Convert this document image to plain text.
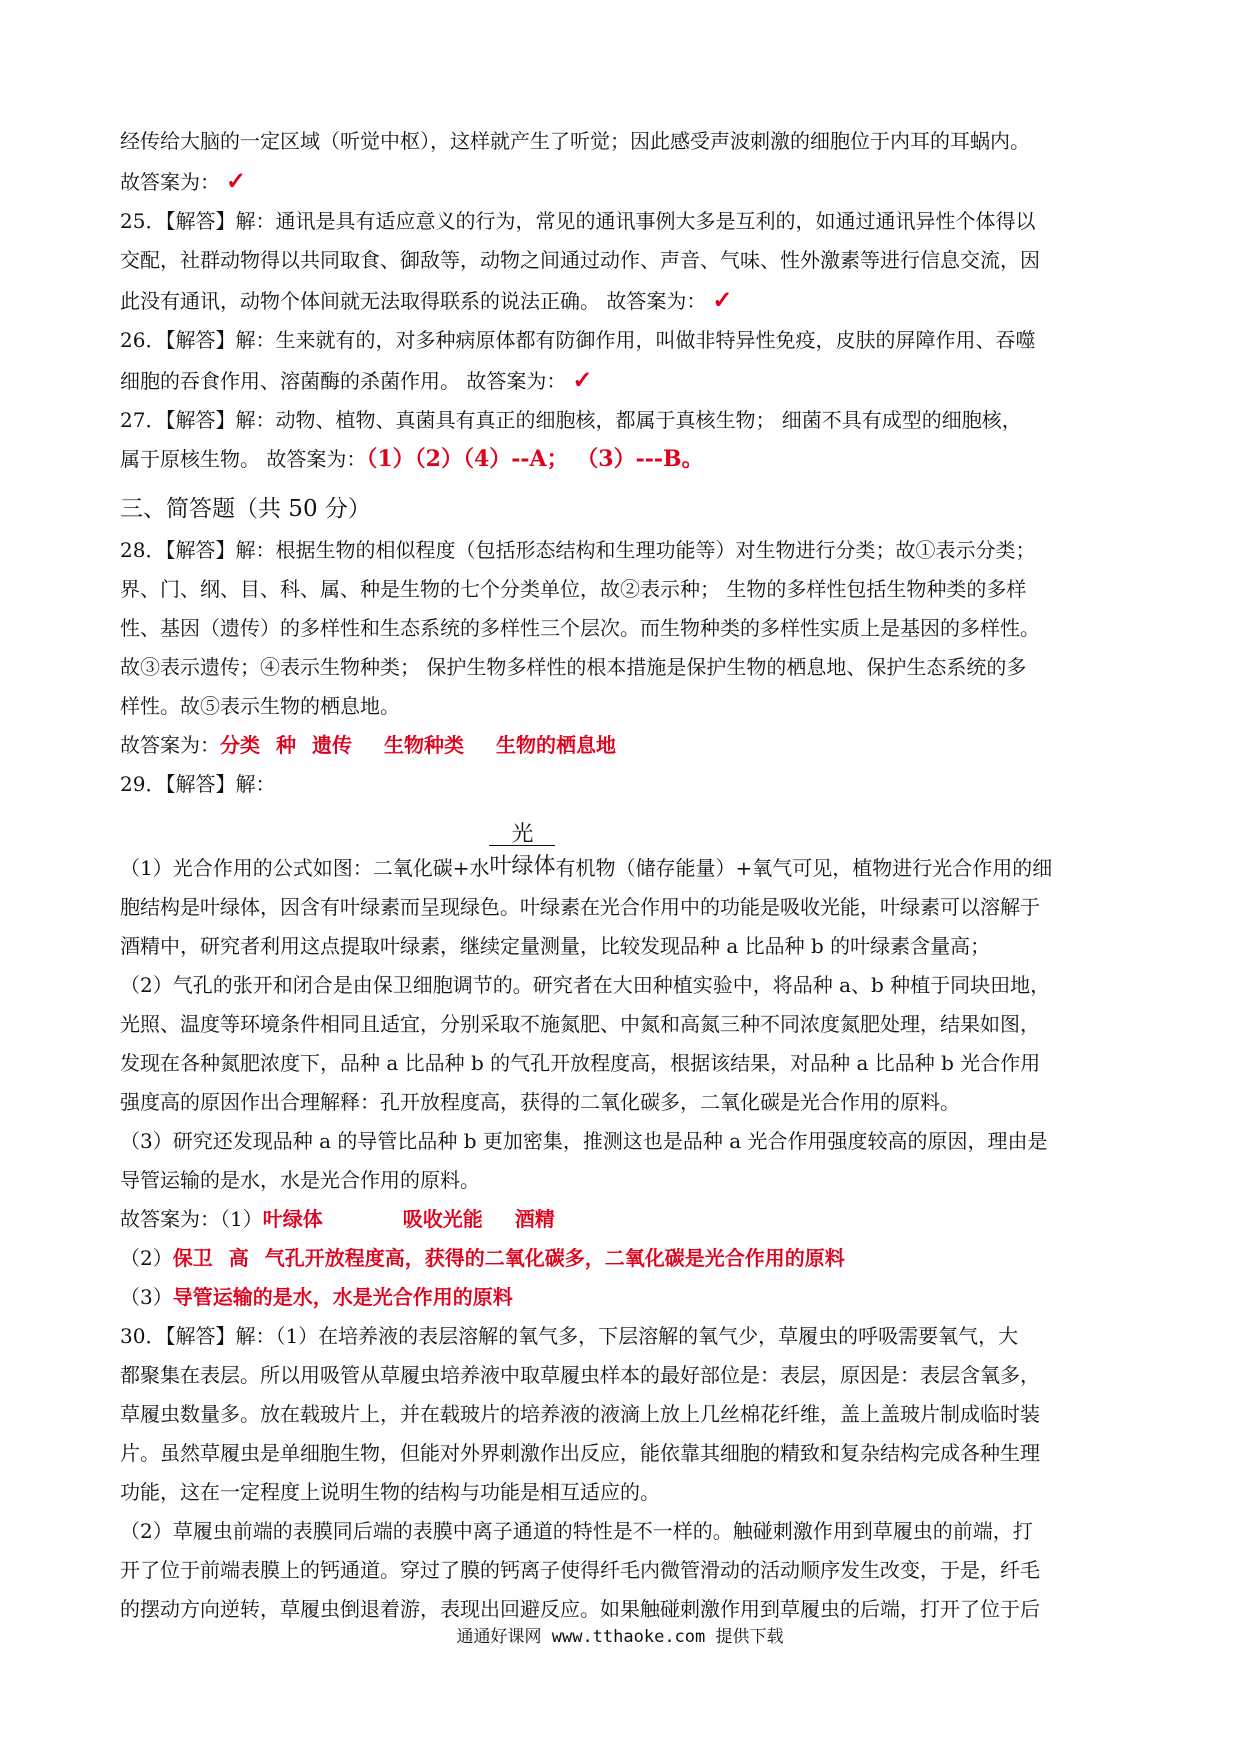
经传给大脑的一定区域（听觉中枢），这样就产生了听觉；因此感受声波刺激的细胞位于内耳的耳蜗内。
故答案为： ✓
25．【解答】解：通讯是具有适应意义的行为，常见的通讯事例大多是互利的，如通过通讯异性个体得以
交配，社群动物得以共同取食、御敌等，动物之间通过动作、声音、气味、性外激素等进行信息交流，因
此没有通讯，动物个体间就无法取得联系的说法正确。 故答案为： ✓
26．【解答】解：生来就有的，对多种病原体都有防御作用，叫做非特异性免疫，皮肤的屏障作用、吞噬
细胞的吞食作用、溶菌酶的杀菌作用。 故答案为： ✓
27．【解答】解：动物、植物、真菌具有真正的细胞核，都属于真核生物； 细菌不具有成型的细胞核，
属于原核生物。 故答案为：（1）（2）（4）--A； （3）---B。
三、简答题（共 50 分）
28．【解答】解：根据生物的相似程度（包括形态结构和生理功能等）对生物进行分类；故①表示分类；
界、门、纲、目、科、属、种是生物的七个分类单位，故②表示种； 生物的多样性包括生物种类的多样
性、基因（遗传）的多样性和生态系统的多样性三个层次。而生物种类的多样性实质上是基因的多样性。
故③表示遗传；④表示生物种类； 保护生物多样性的根本措施是保护生物的栖息地、保护生态系统的多
样性。故⑤表示生物的栖息地。
故答案为：分类 种 遗传 生物种类 生物的栖息地
29．【解答】解：
（1）光合作用的公式如图：二氧化碳+水
光
叶绿体 有机物（储存能量）+氧气可见，植物进行光合作用的细
胞结构是叶绿体，因含有叶绿素而呈现绿色。叶绿素在光合作用中的功能是吸收光能，叶绿素可以溶解于
酒精中，研究者利用这点提取叶绿素，继续定量测量，比较发现品种 a 比品种 b 的叶绿素含量高；
（2）气孔的张开和闭合是由保卫细胞调节的。研究者在大田种植实验中，将品种 a、b 种植于同块田地，
光照、温度等环境条件相同且适宜，分别采取不施氮肥、中氮和高氮三种不同浓度氮肥处理，结果如图，
发现在各种氮肥浓度下，品种 a 比品种 b 的气孔开放程度高，根据该结果，对品种 a 比品种 b 光合作用
强度高的原因作出合理解释：孔开放程度高，获得的二氧化碳多，二氧化碳是光合作用的原料。
（3）研究还发现品种 a 的导管比品种 b 更加密集，推测这也是品种 a 光合作用强度较高的原因，理由是
导管运输的是水，水是光合作用的原料。
故答案为：（1）叶绿体	吸收光能 酒精
（2）保卫 高 气孔开放程度高，获得的二氧化碳多，二氧化碳是光合作用的原料
（3）导管运输的是水，水是光合作用的原料
30．【解答】解：（1）在培养液的表层溶解的氧气多，下层溶解的氧气少，草履虫的呼吸需要氧气，大
都聚集在表层。所以用吸管从草履虫培养液中取草履虫样本的最好部位是：表层，原因是：表层含氧多，
草履虫数量多。放在载玻片上，并在载玻片的培养液的液滴上放上几丝棉花纤维，盖上盖玻片制成临时装
片。虽然草履虫是单细胞生物，但能对外界刺激作出反应，能依靠其细胞的精致和复杂结构完成各种生理
功能，这在一定程度上说明生物的结构与功能是相互适应的。
（2）草履虫前端的表膜同后端的表膜中离子通道的特性是不一样的。触碰刺激作用到草履虫的前端，打
开了位于前端表膜上的钙通道。穿过了膜的钙离子使得纤毛内微管滑动的活动顺序发生改变，于是，纤毛
的摆动方向逆转，草履虫倒退着游，表现出回避反应。如果触碰刺激作用到草履虫的后端，打开了位于后
通通好课网 www.tthaoke.com 提供下载
